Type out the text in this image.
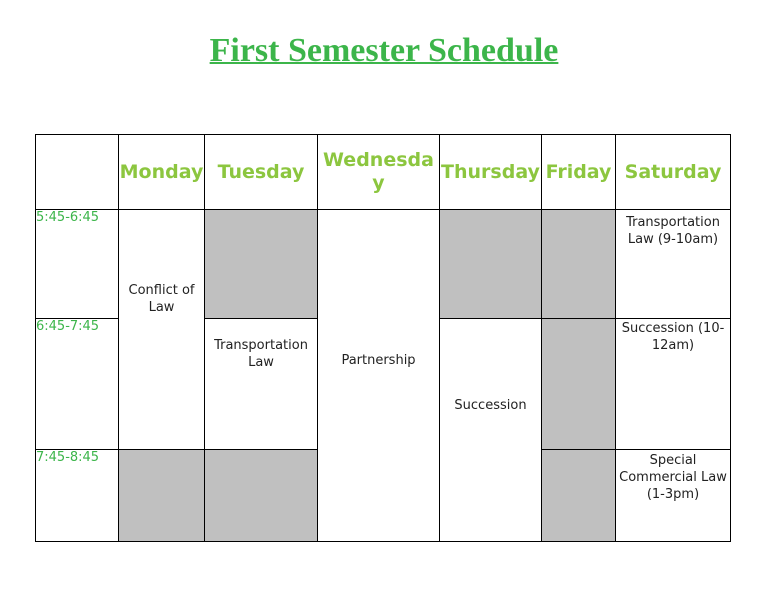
First Semester Schedule
	Monday	Tuesday	Wednesday	Thursday	Friday	Saturday
5:45-6:45	Conflict of Law		Partnership			Transportation Law (9-10am)
6:45-7:45		Transportation Law		Succession		Succession (10-12am)
7:45-8:45						Special Commercial Law (1-3pm)
